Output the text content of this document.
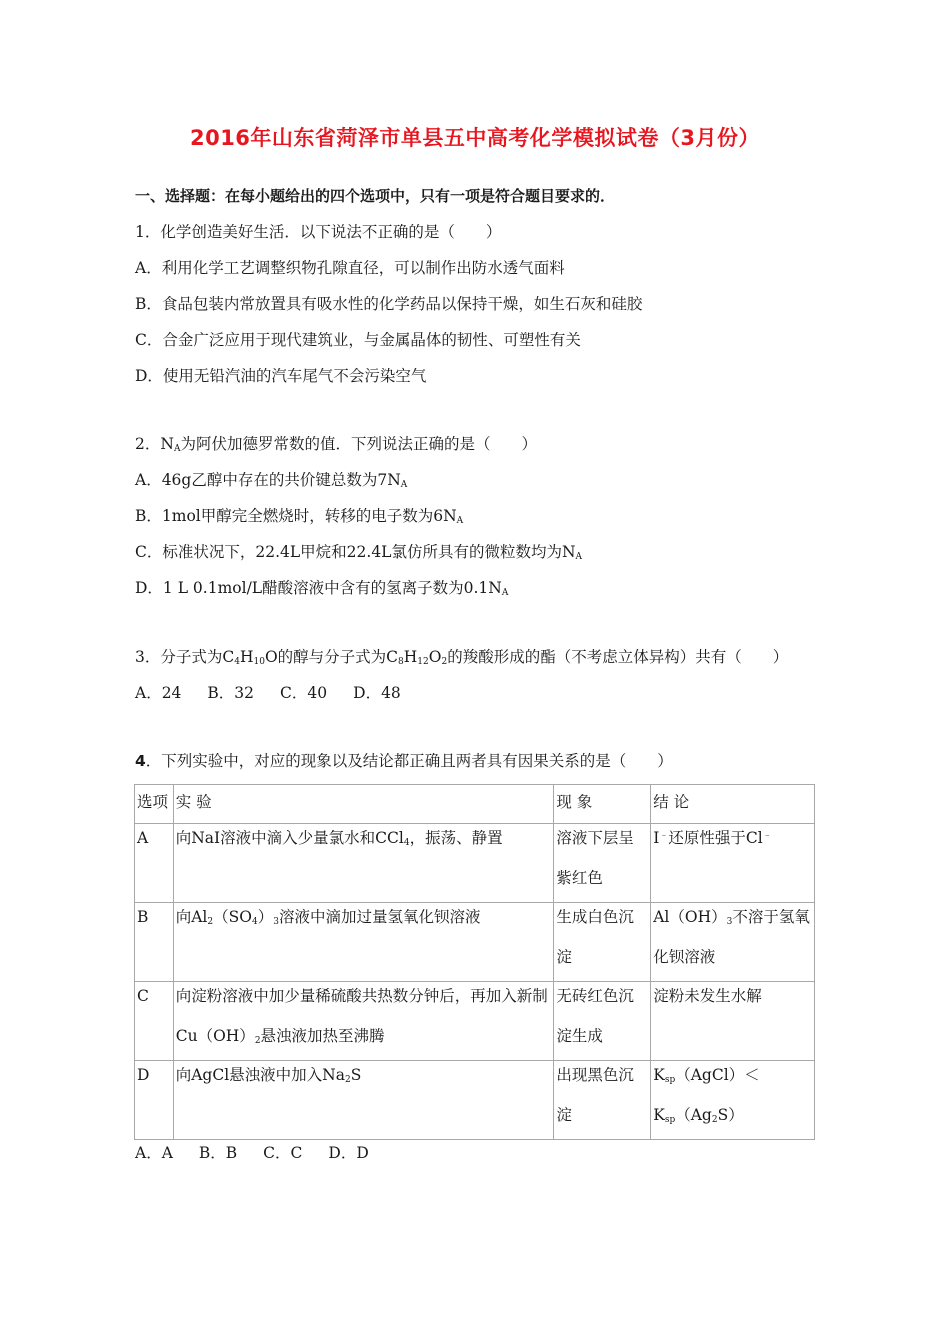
2016年山东省菏泽市单县五中高考化学模拟试卷（3月份）
一、选择题：在每小题给出的四个选项中，只有一项是符合题目要求的．
1．化学创造美好生活．以下说法不正确的是（　　）
A．利用化学工艺调整织物孔隙直径，可以制作出防水透气面料
B．食品包装内常放置具有吸水性的化学药品以保持干燥，如生石灰和硅胶
C．合金广泛应用于现代建筑业，与金属晶体的韧性、可塑性有关
D．使用无铅汽油的汽车尾气不会污染空气
2．$N_A$为阿伏加德罗常数的值．下列说法正确的是（　　）
A．46g乙醇中存在的共价键总数为$7N_A$
B．1mol甲醇完全燃烧时，转移的电子数为$6N_A$
C．标准状况下，22.4L甲烷和22.4L氯仿所具有的微粒数均为$N_A$
D．1 L 0.1mol/L醋酸溶液中含有的氢离子数为$0.1N_A$
3．分子式为$C_4H_{10}O$的醇与分子式为$C_8H_{12}O_2$的羧酸形成的酯（不考虑立体异构）共有（　　）
A．24 B．32 C．40 D．48
4．下列实验中，对应的现象以及结论都正确且两者具有因果关系的是（　　）
选项	实 验	现 象	结 论

A	向NaI溶液中滴入少量氯水和CCl$_4$，振荡、静置	溶液下层呈紫红色	I﹣还原性强于Cl﹣

B	向$Al_2(SO_4)_3$溶液中滴加过量氢氧化钡溶液	生成白色沉淀	$Al(OH)_3$不溶于氢氧化钡溶液

C	向淀粉溶液中加少量稀硫酸共热数分钟后，再加入新制$Cu(OH)_2$悬浊液加热至沸腾	无砖红色沉淀生成	淀粉未发生水解

D	向AgCl悬浊液中加入$Na_2S$	出现黑色沉淀	$K_{sp}(AgCl)<$
$K_{sp}(Ag_2S)$
A．A B．B C．C D．D
